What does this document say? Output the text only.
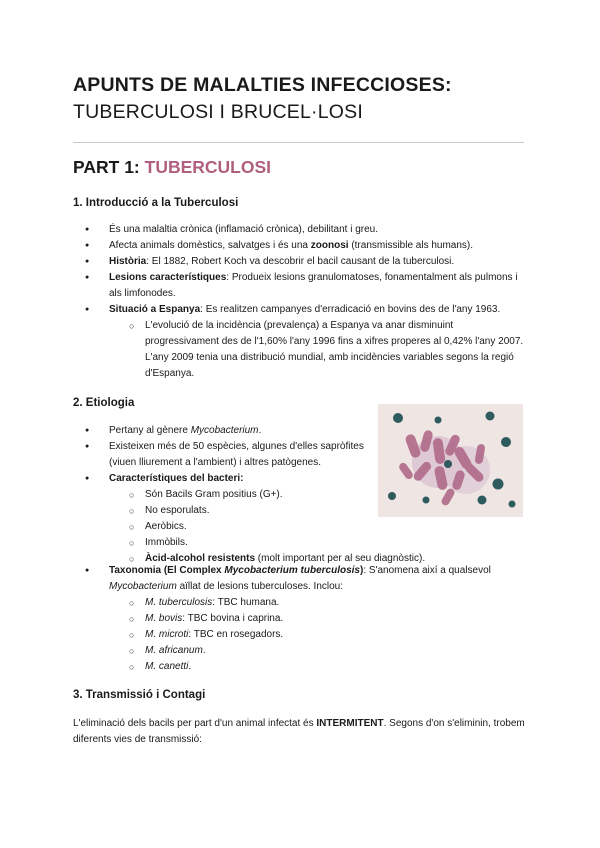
APUNTS DE MALALTIES INFECCIOSES:
TUBERCULOSI I BRUCEL·LOSI
PART 1: TUBERCULOSI
1. Introducció a la Tuberculosi
● És una malaltia crònica (inflamació crònica), debilitant i greu.
● Afecta animals domèstics, salvatges i és una zoonosi (transmissible als humans).
● Història: El 1882, Robert Koch va descobrir el bacil causant de la tuberculosi.
● Lesions característiques: Produeix lesions granulomatoses, fonamentalment als pulmons i als limfonodes.
● Situació a Espanya: Es realitzen campanyes d'erradicació en bovins des de l'any 1963.
○ L'evolució de la incidència (prevalença) a Espanya va anar disminuint progressivament des de l'1,60% l'any 1996 fins a xifres properes al 0,42% l'any 2007. L'any 2009 tenia una distribució mundial, amb incidències variables segons la regió d'Espanya.
2. Etiologia
● Pertany al gènere Mycobacterium.
● Existeixen més de 50 espècies, algunes d'elles sapròfites (viuen lliurement a l'ambient) i altres patògenes.
● Característiques del bacteri:
○ Són Bacils Gram positius (G+).
○ No esporulats.
○ Aeròbics.
○ Immòbils.
○ Àcid-alcohol resistents (molt important per al seu diagnòstic).
● Taxonomia (El Complex Mycobacterium tuberculosis): S'anomena així a qualsevol Mycobacterium aïllat de lesions tuberculoses. Inclou:
○ M. tuberculosis: TBC humana.
○ M. bovis: TBC bovina i caprina.
○ M. microti: TBC en rosegadors.
○ M. africanum.
○ M. canetti.
3. Transmissió i Contagi

L'eliminació dels bacils per part d'un animal infectat és INTERMITENT. Segons d'on s'eliminin, trobem diferents vies de transmissió:
